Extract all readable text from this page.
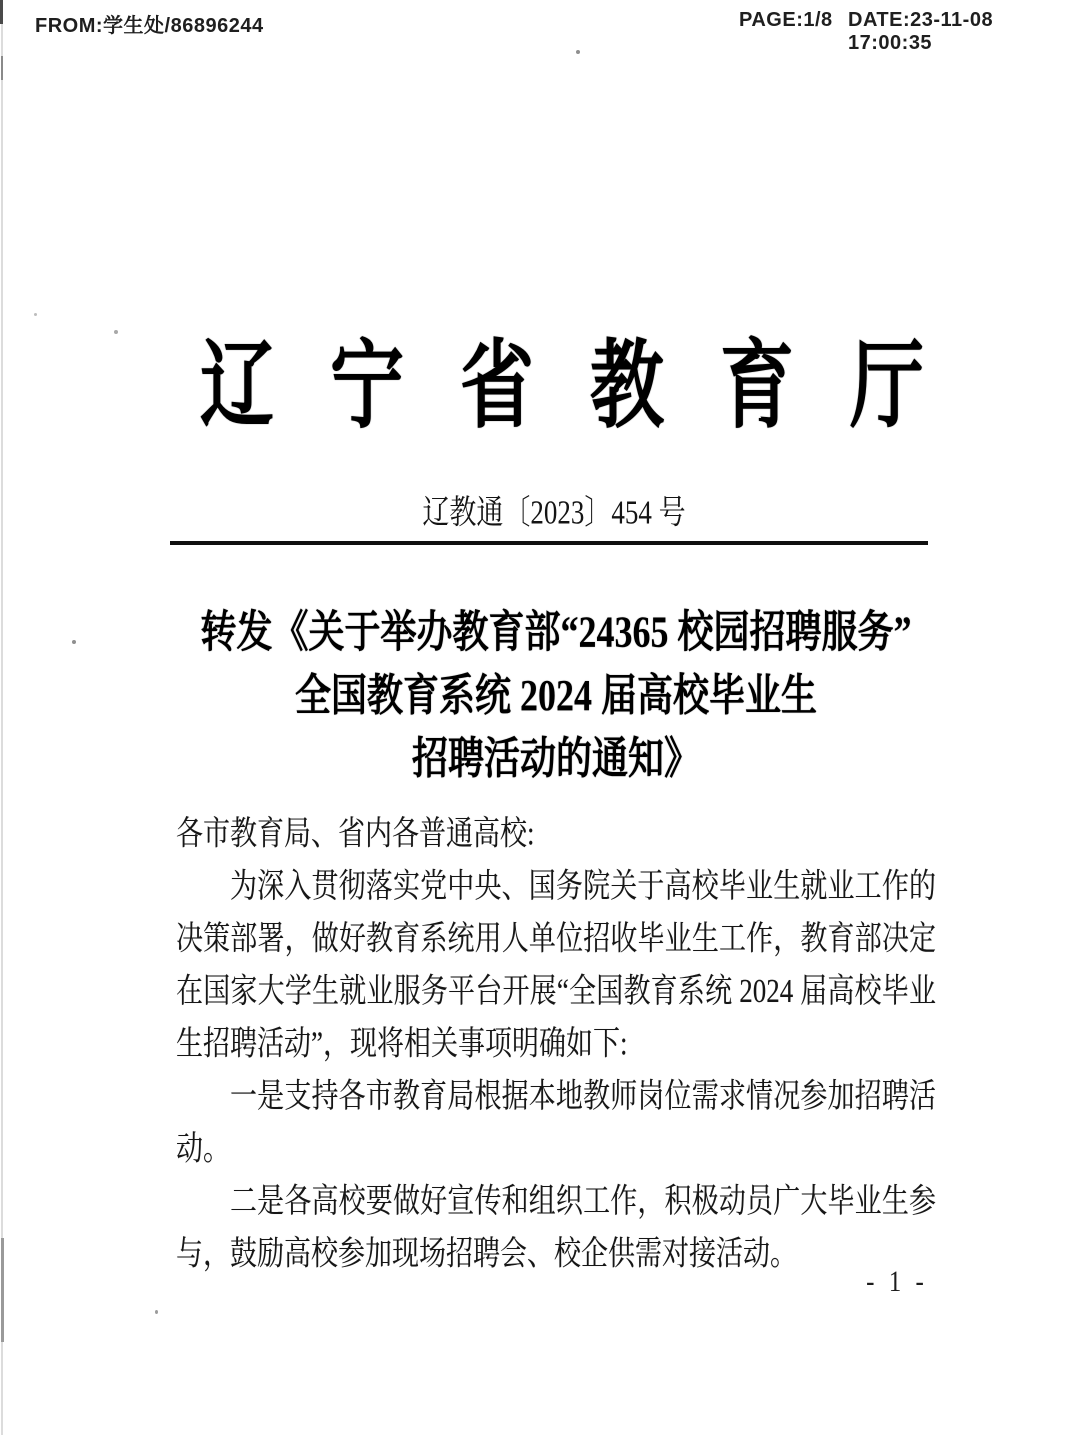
FROM:学生处/86896244	PAGE:1/8 DATE:23-11-08 17:00:35
辽宁省教育厅
辽教通〔2023〕454 号
转发《关于举办教育部“24365 校园招聘服务”
全国教育系统 2024 届高校毕业生
招聘活动的通知》
各市教育局、省内各普通高校:
为深入贯彻落实党中央、国务院关于高校毕业生就业工作的
决策部署，做好教育系统用人单位招收毕业生工作，教育部决定
在国家大学生就业服务平台开展“全国教育系统 2024 届高校毕业
生招聘活动”，现将相关事项明确如下:
一是支持各市教育局根据本地教师岗位需求情况参加招聘活
动。
二是各高校要做好宣传和组织工作，积极动员广大毕业生参
与，鼓励高校参加现场招聘会、校企供需对接活动。
- 1 -
